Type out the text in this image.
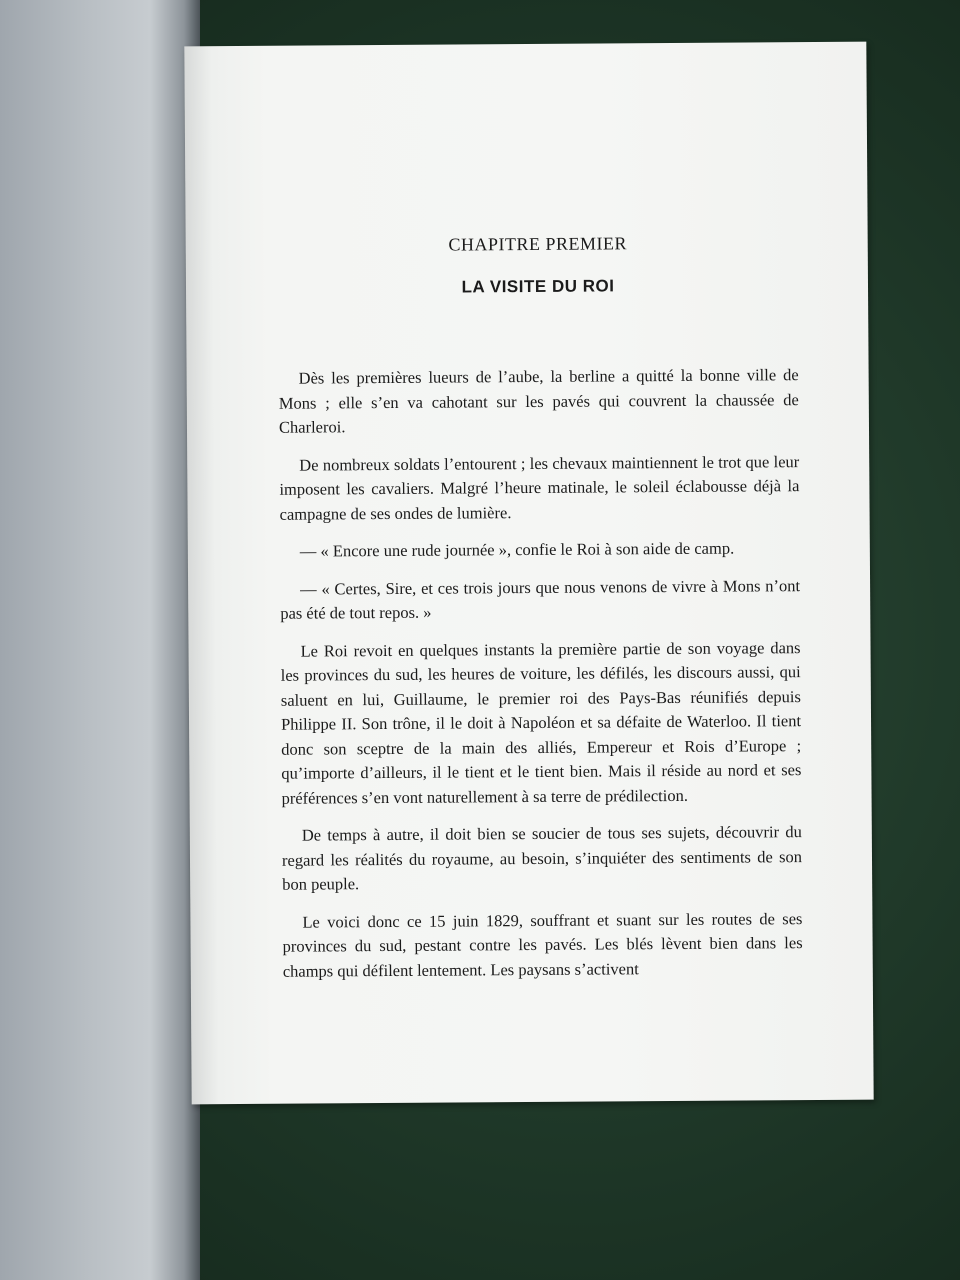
CHAPITRE PREMIER

LA VISITE DU ROI

Dès les premières lueurs de l’aube, la berline a quitté la bonne ville de Mons ; elle s’en va cahotant sur les pavés qui couvrent la chaussée de Charleroi.

De nombreux soldats l’entourent ; les chevaux maintiennent le trot que leur imposent les cavaliers. Malgré l’heure matinale, le soleil éclabousse déjà la campagne de ses ondes de lumière.

— « Encore une rude journée », confie le Roi à son aide de camp.

— « Certes, Sire, et ces trois jours que nous venons de vivre à Mons n’ont pas été de tout repos. »

Le Roi revoit en quelques instants la première partie de son voyage dans les provinces du sud, les heures de voiture, les défilés, les discours aussi, qui saluent en lui, Guillaume, le premier roi des Pays-Bas réunifiés depuis Philippe II. Son trône, il le doit à Napoléon et sa défaite de Waterloo. Il tient donc son sceptre de la main des alliés, Empereur et Rois d’Europe ; qu’importe d’ailleurs, il le tient et le tient bien. Mais il réside au nord et ses préférences s’en vont naturellement à sa terre de prédilection.

De temps à autre, il doit bien se soucier de tous ses sujets, découvrir du regard les réalités du royaume, au besoin, s’inquiéter des sentiments de son bon peuple.

Le voici donc ce 15 juin 1829, souffrant et suant sur les routes de ses provinces du sud, pestant contre les pavés. Les blés lèvent bien dans les champs qui défilent lentement. Les paysans s’activent
